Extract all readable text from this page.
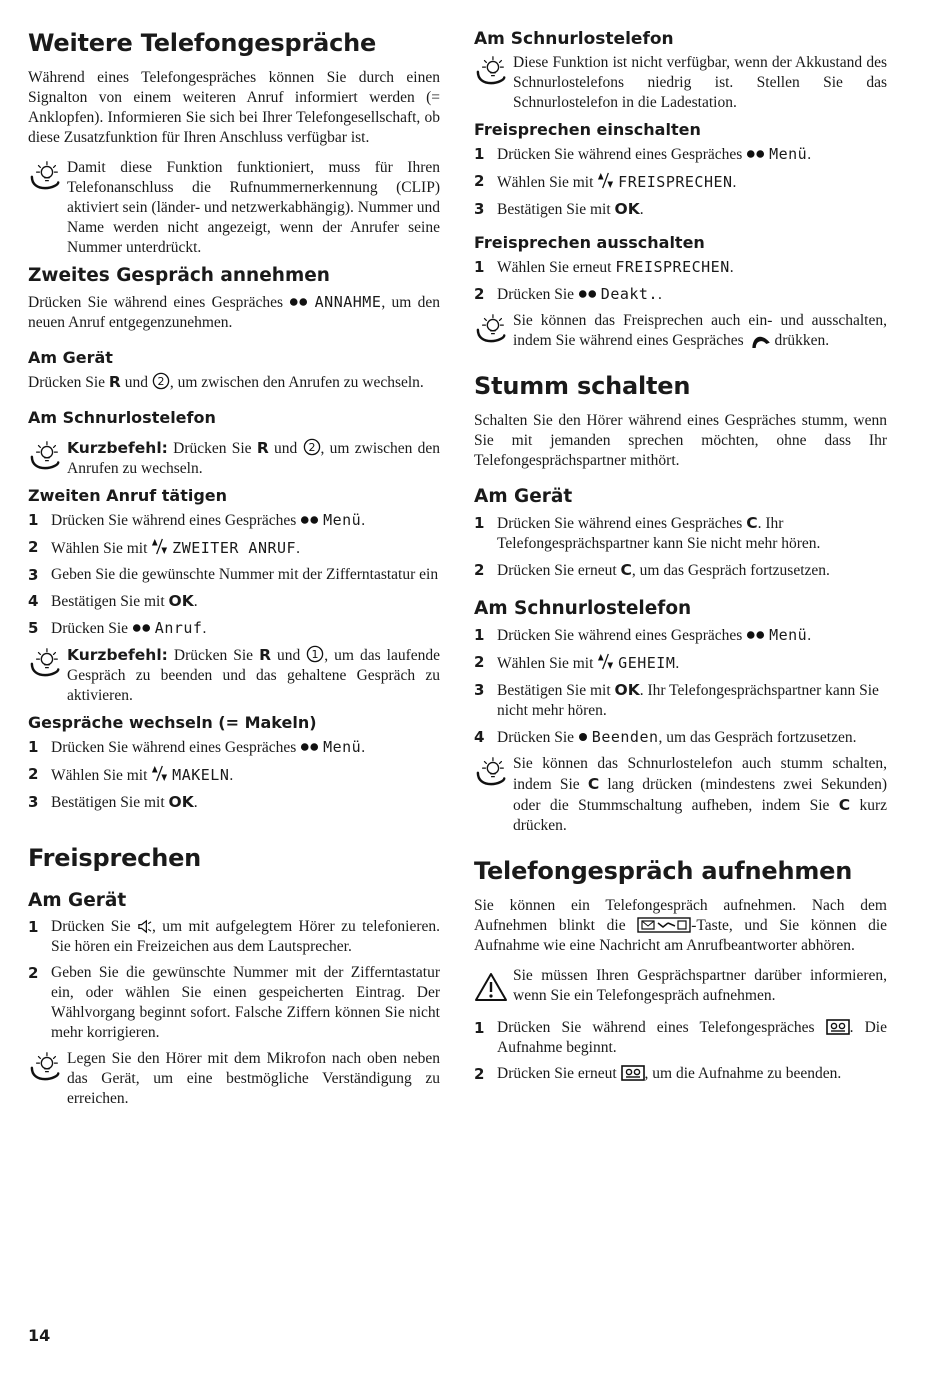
Weitere Telefongespräche

Während eines Telefongespräches können Sie durch einen Signalton von einem weiteren Anruf informiert werden (= Anklopfen). Informieren Sie sich bei Ihrer Telefongesellschaft, ob diese Zusatzfunktion für Ihren Anschluss verfügbar ist.

Damit diese Funktion funktioniert, muss für Ihren Telefonanschluss die Rufnummernerkennung (CLIP) aktiviert sein (länder- und netzwerkabhängig). Nummer und Name werden nicht angezeigt, wenn der Anrufer seine Nummer unterdrückt.
Zweites Gespräch annehmen

Drücken Sie während eines Gespräches ANNAHME, um den neuen Anruf entgegenzunehmen.

Am Gerät

Drücken Sie R und , um zwischen den Anrufen zu wechseln.

Am Schnurlostelefon
Kurzbefehl: Drücken Sie R und , um zwischen den Anrufen zu wechseln.
Zweiten Anruf tätigen
1 Drücken Sie während eines Gespräches Menü.
2 Wählen Sie mit ZWEITER ANRUF.
3 Geben Sie die gewünschte Nummer mit der Zifferntastatur ein
4 Bestätigen Sie mit OK.
5 Drücken Sie Anruf.
Kurzbefehl: Drücken Sie R und , um das laufende Gespräch zu beenden und das gehaltene Gespräch zu aktivieren.
Gespräche wechseln (= Makeln)
1 Drücken Sie während eines Gespräches Menü.
2 Wählen Sie mit MAKELN.
3 Bestätigen Sie mit OK.
Freisprechen
Am Gerät
1 Drücken Sie , um mit aufgelegtem Hörer zu telefonieren. Sie hören ein Freizeichen aus dem Lautsprecher.
2 Geben Sie die gewünschte Nummer mit der Zifferntastatur ein, oder wählen Sie einen gespeicherten Eintrag. Der Wählvorgang beginnt sofort. Falsche Ziffern können Sie nicht mehr korrigieren.
Legen Sie den Hörer mit dem Mikrofon nach oben neben das Gerät, um eine bestmögliche Verständigung zu erreichen.
Am Schnurlostelefon
Diese Funktion ist nicht verfügbar, wenn der Akkustand des Schnurlostelefons niedrig ist. Stellen Sie das Schnurlostelefon in die Ladestation.
Freisprechen einschalten
1 Drücken Sie während eines Gespräches Menü.
2 Wählen Sie mit FREISPRECHEN.
3 Bestätigen Sie mit OK.
Freisprechen ausschalten
1 Wählen Sie erneut FREISPRECHEN.
2 Drücken Sie Deakt..
Sie können das Freisprechen auch ein- und ausschalten, indem Sie während eines Gespräches drükken.
Stumm schalten

Schalten Sie den Hörer während eines Gespräches stumm, wenn Sie mit jemanden sprechen möchten, ohne dass Ihr Telefongesprächspartner mithört.

Am Gerät
1 Drücken Sie während eines Gespräches C. Ihr Telefongesprächspartner kann Sie nicht mehr hören.
2 Drücken Sie erneut C, um das Gespräch fortzusetzen.
Am Schnurlostelefon
1 Drücken Sie während eines Gespräches Menü.
2 Wählen Sie mit GEHEIM.
3 Bestätigen Sie mit OK. Ihr Telefongesprächspartner kann Sie nicht mehr hören.
4 Drücken Sie Beenden, um das Gespräch fortzusetzen.
Sie können das Schnurlostelefon auch stumm schalten, indem Sie C lang drücken (mindestens zwei Sekunden) oder die Stummschaltung aufheben, indem Sie C kurz drücken.
Telefongespräch aufnehmen

Sie können ein Telefongespräch aufnehmen. Nach dem Aufnehmen blinkt die	-Taste, und Sie können die Aufnahme wie eine Nachricht am Anrufbeantworter abhören.

Sie müssen Ihren Gesprächspartner darüber informieren, wenn Sie ein Telefongespräch aufnehmen.
1 Drücken Sie während eines Telefongespräches . Die Aufnahme beginnt.
2 Drücken Sie erneut , um die Aufnahme zu beenden.
14
